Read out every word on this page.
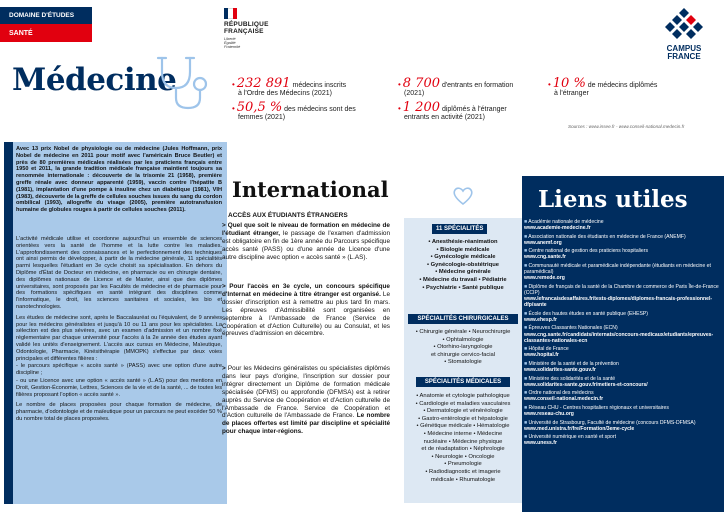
DOMAINE D'ÉTUDES
SANTÉ
RÉPUBLIQUE
FRANÇAISE
Liberté
Égalité
Fraternité	CAMPUS
FRANCE
Médecine	• 232 891 médecins inscrits
à l'Ordre des Médecins (2021)
• 50,5 % des médecins sont des
femmes (2021)
• 8 700 d'entrants en formation
(2021)
• 1 200 diplômés à l'étranger
entrants en activité (2021)
• 10 % de médecins diplômés
à l'étranger
Sources : www.insee.fr - www.conseil-national.medecin.fr
Avec 13 prix Nobel de physiologie ou de médecine (Jules Hoffmann, prix Nobel de médecine en 2011 pour motif avec l'américain Bruce Beutler) et près de 80 premières médicales réalisées par les praticiens français entre 1950 et 2011, la grande tradition médicale française maintient toujours sa renommée internationale : découverte de la trisomie 21 (1958), première greffe rénale avec donneur apparenté (1959), vaccin contre l'hépatite B (1981), implantation d'une pompe à insuline chez un diabétique (1981), VIH (1983), découverte de la greffe de cellules souches issues du sang du cordon ombilical (1993), allogreffe du visage (2005), première autotransfusion humaine de globules rouges à partir de cellules souches (2011).

L'activité médicale utilise et coordonne aujourd'hui un ensemble de sciences orientées vers la santé de l'homme et la lutte contre les maladies. L'approfondissement des connaissances et le perfectionnement des techniques ont ainsi permis de développer, à partir de la médecine générale, 11 spécialités parmi lesquelles l'étudiant en 3e cycle choisit sa spécialisation. En dehors du Diplôme d'État de Docteur en médecine, en pharmacie ou en chirurgie dentaire, des diplômes nationaux de Licence et de Master, ainsi que des diplômes universitaires, sont proposés par les Facultés de médecine et de pharmacie pour des formations spécifiques en santé intégrant des disciplines comme l'informatique, le droit, les sciences sanitaires et sociales, les bio et nanotechnologies.

Les études de médecine sont, après le Baccalauréat ou l'équivalent, de 9 années pour les médecins généralistes et jusqu'à 10 ou 11 ans pour les spécialistes. La sélection est des plus sévères, avec un examen d'admission et un nombre fixé réglementaire par chaque université pour l'accès à la 2e année des études ayant validé les unités d'enseignement. L'accès aux cursus en Médecine, Maïeutique, Odontologie, Pharmacie, Kinésithérapie (MMOPK) s'effectue par deux voies principales et différentes filières :

- le parcours spécifique « accès santé » (PASS) avec une option d'une autre discipline ;

- ou une Licence avec une option « accès santé » (L.AS) pour des mentions en Droit, Gestion-Économie, Lettres, Sciences de la vie et de la santé, ... de toutes les filières proposant l'option « accès santé ».

Le nombre de places proposées pour chaque formation de médecine, de pharmacie, d'odontologie et de maïeutique pour un parcours ne peut excéder 50 % du nombre total de places proposées.

International
ACCÈS AUX ÉTUDIANTS ÉTRANGERS
> Quel que soit le niveau de formation en médecine de l'étudiant étranger, le passage de l'examen d'admission est obligatoire en fin de 1ère année du Parcours spécifique accès santé (PASS) ou d'une année de Licence d'une autre discipline avec option « accès santé » (L.AS).
> Pour l'accès en 3e cycle, un concours spécifique d'Internat en médecine à titre étranger est organisé. Le dossier d'inscription est à remettre au plus tard fin mars. Les épreuves d'Admissibilité sont organisées en septembre à l'Ambassade de France (Service de Coopération et d'Action Culturelle) ou au Consulat, et les épreuves d'admission en décembre.
> Pour les Médecins généralistes ou spécialistes diplômés dans leur pays d'origine, l'inscription sur dossier pour intégrer directement un Diplôme de formation médicale spécialisée (DFMS) ou approfondie (DFMSA) est à retirer auprès du Service de Coopération et d'Action culturelle de l'Ambassade de France. Service de Coopération et d'Action culturelle de l'Ambassade de France. Le nombre de places offertes est limité par discipline et spécialité pour chaque inter-régions.
11 SPÉCIALITÉS
• Anesthésie-réanimation
• Biologie médicale
• Gynécologie médicale
• Gynécologie-obstétrique
• Médecine générale
• Médecine du travail • Pédiatrie
• Psychiatrie • Santé publique
SPÉCIALITÉS CHIRURGICALES
• Chirurgie générale • Neurochirurgie
• Ophtalmologie
• Otorhino-laryngologie
et chirurgie cervico-facial
• Stomatologie
SPÉCIALITÉS MÉDICALES
• Anatomie et cytologie pathologique
• Cardiologie et maladies vasculaires
• Dermatologie et vénéréologie
• Gastro-entérologie et hépatologie
• Génétique médicale • Hématologie
• Médecine interne • Médecine
nucléaire • Médecine physique
et de réadaptation • Néphrologie
• Neurologie • Oncologie
• Pneumologie
• Radiodiagnostic et imagerie
médicale • Rhumatologie
Liens utiles
■ Académie nationale de médecine
www.academie-medecine.fr
■ Association nationale des étudiants en médecine de France (ANEMF)
www.anemf.org
■ Centre national de gestion des praticiens hospitaliers
www.cng.sante.fr
■ Communauté médicale et paramédicale indépendante (étudiants en médecine et paramédical)
www.remede.org
■ Diplôme de français de la santé de la Chambre de commerce de Paris Île-de-France (CCIP)
www.lefrancaisdesaffaires.fr/tests-diplomes/diplomes-francais-professionnel-dfp/sante
■ École des hautes études en santé publique (EHESP)
www.ehesp.fr
■ Épreuves Classantes Nationales (ECN)
www.cng.sante.fr/candidats/internats/concours-medicaux/etudiants/epreuves-classantes-nationales-ecn
■ Hôpital de France
www.hopital.fr
■ Ministère de la santé et de la prévention
www.solidarites-sante.gouv.fr
■ Ministère des solidarités et de la santé
www.solidarites-sante.gouv.fr/metiers-et-concours/
■ Ordre national des médecins
www.conseil-national.medecin.fr
■ Réseau CHU - Centres hospitaliers régionaux et universitaires
www.reseau-chu.org
■ Université de Strasbourg, Faculté de médecine (concours DFMS-DFMSA)
www.med.unistra.fr/fre/Formation/3eme-cycle
■ Université numérique en santé et sport
www.uness.fr
